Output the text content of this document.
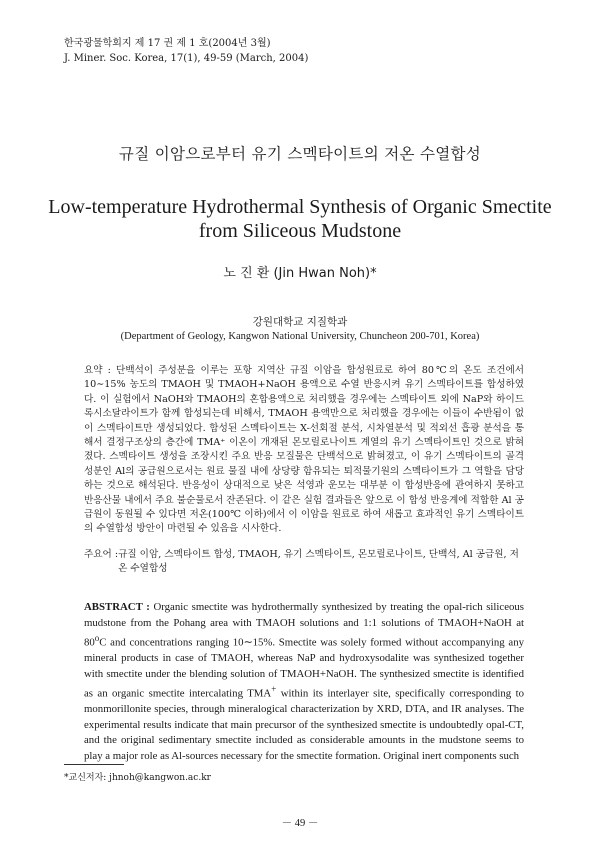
한국광물학회지 제 17 권 제 1 호(2004년 3월)
J. Miner. Soc. Korea, 17(1), 49-59 (March, 2004)
규질 이암으로부터 유기 스멕타이트의 저온 수열합성
Low-temperature Hydrothermal Synthesis of Organic Smectite from Siliceous Mudstone
노 진 환 (Jin Hwan Noh)*
강원대학교 지질학과
(Department of Geology, Kangwon National University, Chuncheon 200-701, Korea)
요약 : 단백석이 주성분을 이루는 포항 지역산 규질 이암을 합성원료로 하여 80℃의 온도 조건에서 10∼15% 농도의 TMAOH 및 TMAOH+NaOH 용액으로 수열 반응시켜 유기 스멕타이트를 합성하였다. 이 실험에서 NaOH와 TMAOH의 혼합용액으로 처리했을 경우에는 스멕타이트 외에 NaP와 하이드록시소달라이트가 함께 합성되는데 비해서, TMAOH 용액만으로 처리했을 경우에는 이들이 수반됨이 없이 스멕타이트만 생성되었다. 합성된 스멕타이트는 X-선회절 분석, 시차열분석 및 적외선 흡광 분석을 통해서 결정구조상의 층간에 TMA⁺ 이온이 개재된 몬모릴로나이트 계열의 유기 스멕타이트인 것으로 밝혀졌다. 스멕타이트 생성을 조장시킨 주요 반응 모질물은 단백석으로 밝혀졌고, 이 유기 스멕타이트의 골격 성분인 Al의 공급원으로서는 원료 물질 내에 상당량 함유되는 퇴적물기원의 스멕타이트가 그 역할을 담당하는 것으로 해석된다. 반응성이 상대적으로 낮은 석영과 운모는 대부분 이 합성반응에 관여하지 못하고 반응산물 내에서 주요 불순물로서 잔존된다. 이 같은 실험 결과들은 앞으로 이 합성 반응계에 적합한 Al 공급원이 동원될 수 있다면 저온(100℃ 이하)에서 이 이암을 원료로 하여 새롭고 효과적인 유기 스멕타이트의 수열합성 방안이 마련될 수 있음을 시사한다.
주요어 : 규질 이암, 스멕타이트 합성, TMAOH, 유기 스멕타이트, 몬모릴로나이트, 단백석, Al 공급원, 저온 수열합성
ABSTRACT : Organic smectite was hydrothermally synthesized by treating the opal-rich siliceous mudstone from the Pohang area with TMAOH solutions and 1:1 solutions of TMAOH+NaOH at 80$^o$C and concentrations ranging 10∼15%. Smectite was solely formed without accompanying any mineral products in case of TMAOH, whereas NaP and hydroxysodalite was synthesized together with smectite under the blending solution of TMAOH+NaOH. The synthesized smectite is identified as an organic smectite intercalating TMA+ within its interlayer site, specifically corresponding to monmorillonite species, through mineralogical characterization by XRD, DTA, and IR analyses. The experimental results indicate that main precursor of the synthesized smectite is undoubtedly opal-CT, and the original sedimentary smectite included as considerable amounts in the mudstone seems to play a major role as Al-sources necessary for the smectite formation. Original inert components such
*교신저자: jhnoh@kangwon.ac.kr
－ 49 －
